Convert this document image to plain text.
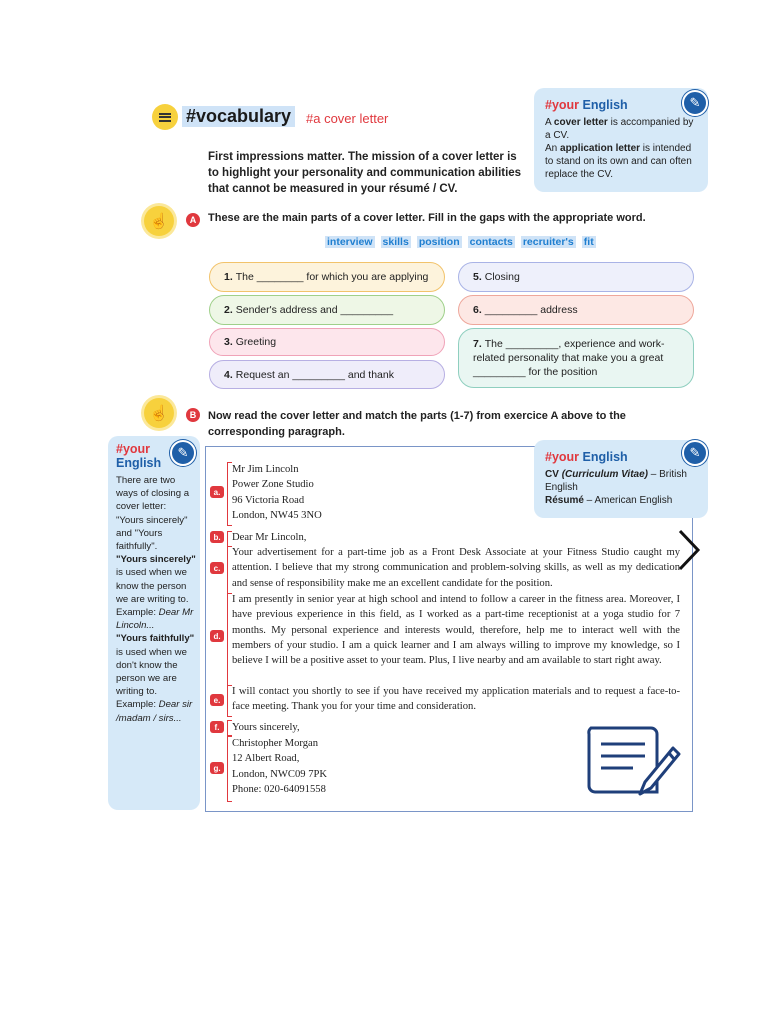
#vocabulary	#a cover letter
First impressions matter. The mission of a cover letter is to highlight your personality and communication abilities that cannot be measured in your résumé / CV.
#your English	✎
A cover letter is accompanied by a CV.
An application letter is intended to stand on its own and can often replace the CV.
☝	A	These are the main parts of a cover letter. Fill in the gaps with the appropriate word.
interview skills position contacts recruiter's fit
1. The ________ for which you are applying	5. Closing
2. Sender's address and _________	6. _________ address
3. Greeting	7. The _________, experience and work-related personality that make you a great _________ for the position
4. Request an _________ and thank
☝	B	Now read the cover letter and match the parts (1-7) from exercice A above to the corresponding paragraph.
✎
#your
English
There are two ways of closing a cover letter: "Yours sincerely" and "Yours faithfully".
"Yours sincerely" is used when we know the person we are writing to. Example: Dear Mr Lincoln...
"Yours faithfully" is used when we don't know the person we are writing to. Example: Dear sir /madam / sirs...
#your English	✎
CV (Curriculum Vitae) – British English
Résumé – American English
a.
b.
c.
d.
e.
f.
g.
Mr Jim Lincoln
Power Zone Studio
96 Victoria Road
London, NW45 3NO
Dear Mr Lincoln,
Your advertisement for a part-time job as a Front Desk Associate at your Fitness Studio caught my attention. I believe that my strong communication and problem-solving skills, as well as my dedication and sense of responsibility make me an excellent candidate for the position.
I am presently in senior year at high school and intend to follow a career in the fitness area. Moreover, I have previous experience in this field, as I worked as a part-time receptionist at a yoga studio for 7 months. My personal experience and interests would, therefore, help me to interact well with the members of your studio. I am a quick learner and I am always willing to improve my knowledge, so I believe I will be a positive asset to your team. Plus, I live nearby and am available to start right away.
I will contact you shortly to see if you have received my application materials and to request a face-to-face meeting. Thank you for your time and consideration.
Yours sincerely,
Christopher Morgan
12 Albert Road,
London, NWC09 7PK
Phone: 020-64091558
